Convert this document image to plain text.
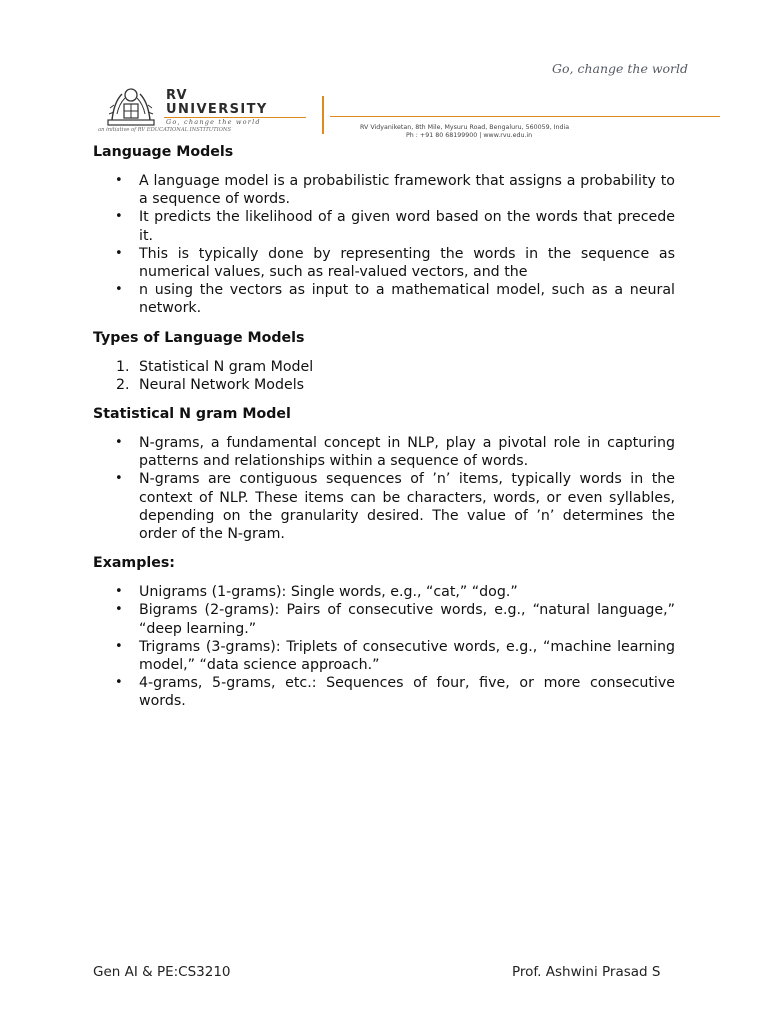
Go, change the world
RV
UNIVERSITY
Go, change the world
an initiative of RV EDUCATIONAL INSTITUTIONS	RV Vidyaniketan, 8th Mile, Mysuru Road, Bengaluru, 560059, India
Ph : +91 80 68199900 | www.rvu.edu.in
Language Models
• A language model is a probabilistic framework that assigns a probability to a sequence of words.
• It predicts the likelihood of a given word based on the words that precede it.
• This is typically done by representing the words in the sequence as numerical values, such as real-valued vectors, and the
• n using the vectors as input to a mathematical model, such as a neural network.
Types of Language Models
1. Statistical N gram Model
2. Neural Network Models
Statistical N gram Model
• N-grams, a fundamental concept in NLP, play a pivotal role in capturing patterns and relationships within a sequence of words.
• N-grams are contiguous sequences of ’n’ items, typically words in the context of NLP. These items can be characters, words, or even syllables, depending on the granularity desired. The value of ’n’ determines the order of the N-gram.
Examples:
• Unigrams (1-grams): Single words, e.g., “cat,” “dog.”
• Bigrams (2-grams): Pairs of consecutive words, e.g., “natural language,” “deep learning.”
• Trigrams (3-grams): Triplets of consecutive words, e.g., “machine learning model,” “data science approach.”
• 4-grams, 5-grams, etc.: Sequences of four, five, or more consecutive words.
Gen AI & PE:CS3210	Prof. Ashwini Prasad S
